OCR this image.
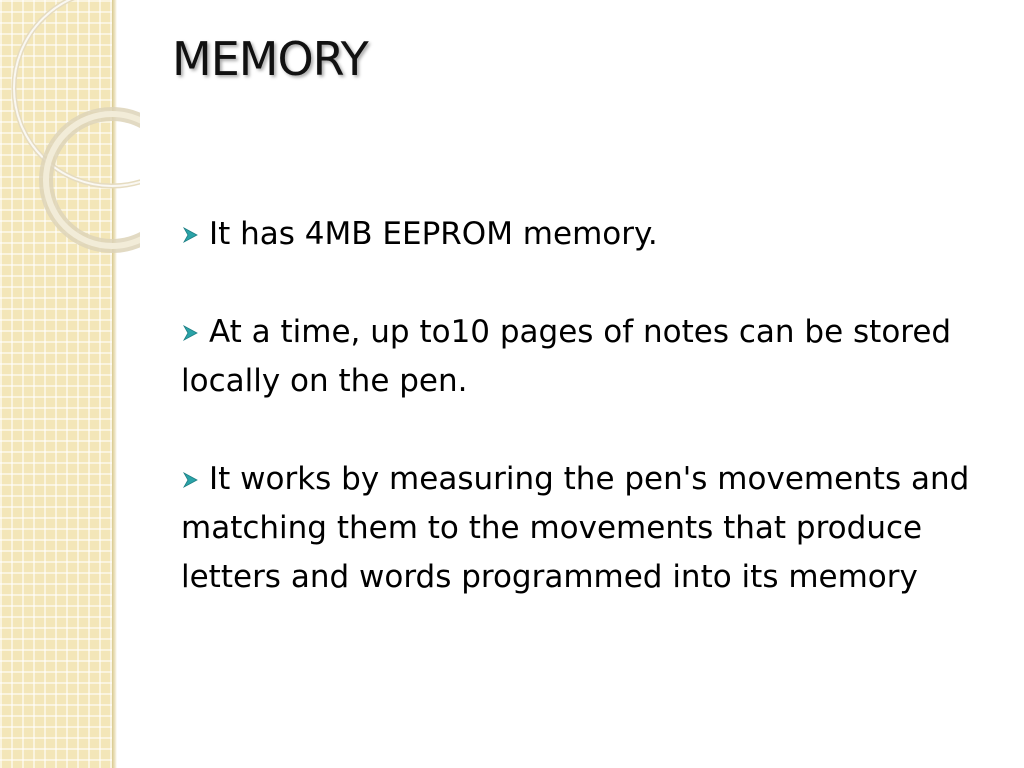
MEMORY

It has 4MB EEPROM memory.

At a time, up to10 pages of notes can be stored locally on the pen.

It works by measuring the pen's movements and matching them to the movements that produce letters and words programmed into its memory
